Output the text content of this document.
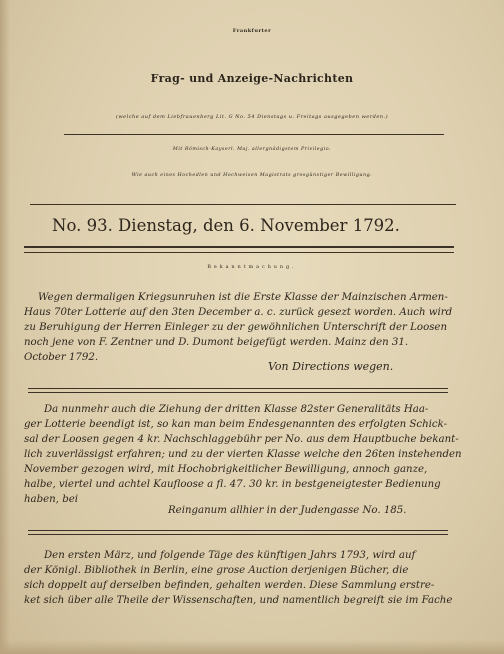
Frankfurter
Frag- und Anzeige-Nachrichten
(welche auf dem Liebfrauenberg Lit. G No. 54 Dienstags u. Freitags ausgegeben werden.)
Mit Römisch-Kayserl. Maj. allergnädigstem Privilegio.
Wie auch eines Hochedlen und Hochweisen Magistrats grosgünstiger Bewilligung.
No. 93. Dienstag, den 6. November 1792.
Bekanntmachung.
Wegen dermaligen Kriegsunruhen ist die Erste Klasse der Mainzischen Armen-
Haus 70ter Lotterie auf den 3ten December a. c. zurück gesezt worden. Auch wird
zu Beruhigung der Herren Einleger zu der gewöhnlichen Unterschrift der Loosen
noch jene von F. Zentner und D. Dumont beigefügt werden. Mainz den 31.
October 1792.
Von Directions wegen.
Da nunmehr auch die Ziehung der dritten Klasse 82ster Generalitäts Haa-
ger Lotterie beendigt ist, so kan man beim Endesgenannten des erfolgten Schick-
sal der Loosen gegen 4 kr. Nachschlaggebühr per No. aus dem Hauptbuche bekant-
lich zuverlässigst erfahren; und zu der vierten Klasse welche den 26ten instehenden
November gezogen wird, mit Hochobrigkeitlicher Bewilligung, annoch ganze,
halbe, viertel und achtel Kaufloose a fl. 47. 30 kr. in bestgeneigtester Bedienung
haben, bei
Reinganum allhier in der Judengasse No. 185.
Den ersten März, und folgende Täge des künftigen Jahrs 1793, wird auf
der Königl. Bibliothek in Berlin, eine grose Auction derjenigen Bücher, die
sich doppelt auf derselben befinden, gehalten werden. Diese Sammlung erstre-
ket sich über alle Theile der Wissenschaften, und namentlich begreift sie im Fache
